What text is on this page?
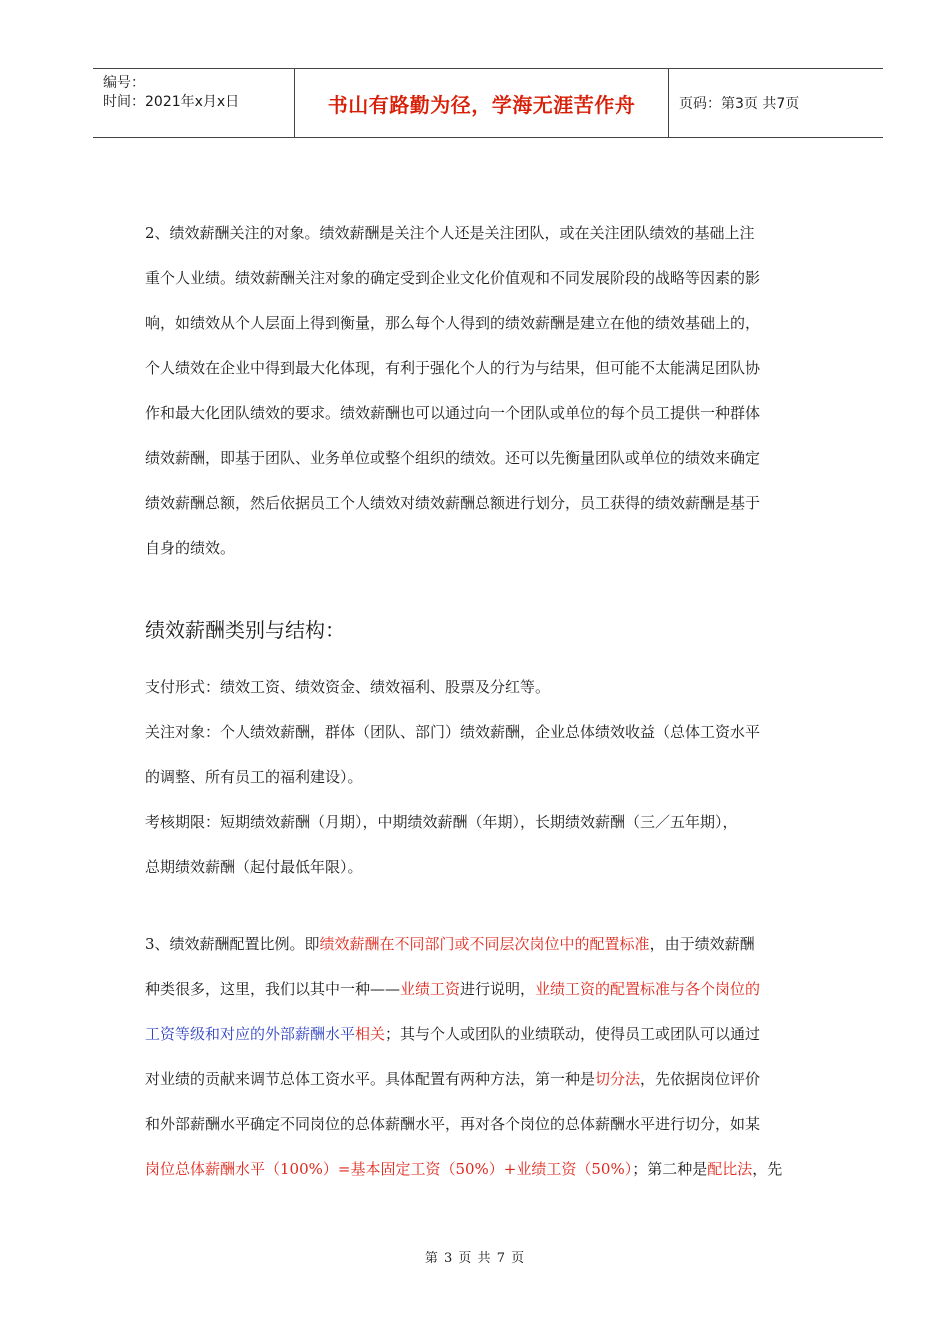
编号：
时间：2021年x月x日	书山有路勤为径，学海无涯苦作舟	页码：第3页 共7页

2、绩效薪酬关注的对象。绩效薪酬是关注个人还是关注团队，或在关注团队绩效的基础上注

重个人业绩。绩效薪酬关注对象的确定受到企业文化价值观和不同发展阶段的战略等因素的影

响，如绩效从个人层面上得到衡量，那么每个人得到的绩效薪酬是建立在他的绩效基础上的，

个人绩效在企业中得到最大化体现，有利于强化个人的行为与结果，但可能不太能满足团队协

作和最大化团队绩效的要求。绩效薪酬也可以通过向一个团队或单位的每个员工提供一种群体

绩效薪酬，即基于团队、业务单位或整个组织的绩效。还可以先衡量团队或单位的绩效来确定

绩效薪酬总额，然后依据员工个人绩效对绩效薪酬总额进行划分，员工获得的绩效薪酬是基于

自身的绩效。

绩效薪酬类别与结构：

支付形式：绩效工资、绩效资金、绩效福利、股票及分红等。

关注对象：个人绩效薪酬，群体（团队、部门）绩效薪酬，企业总体绩效收益（总体工资水平

的调整、所有员工的福利建设）。

考核期限：短期绩效薪酬（月期），中期绩效薪酬（年期），长期绩效薪酬（三／五年期），

总期绩效薪酬（起付最低年限）。

3、绩效薪酬配置比例。即绩效薪酬在不同部门或不同层次岗位中的配置标准，由于绩效薪酬

种类很多，这里，我们以其中一种——业绩工资进行说明，业绩工资的配置标准与各个岗位的

工资等级和对应的外部薪酬水平相关；其与个人或团队的业绩联动，使得员工或团队可以通过

对业绩的贡献来调节总体工资水平。具体配置有两种方法，第一种是切分法，先依据岗位评价

和外部薪酬水平确定不同岗位的总体薪酬水平，再对各个岗位的总体薪酬水平进行切分，如某

岗位总体薪酬水平（100%）=基本固定工资（50%）+业绩工资（50%）；第二种是配比法，先

第 3 页 共 7 页
